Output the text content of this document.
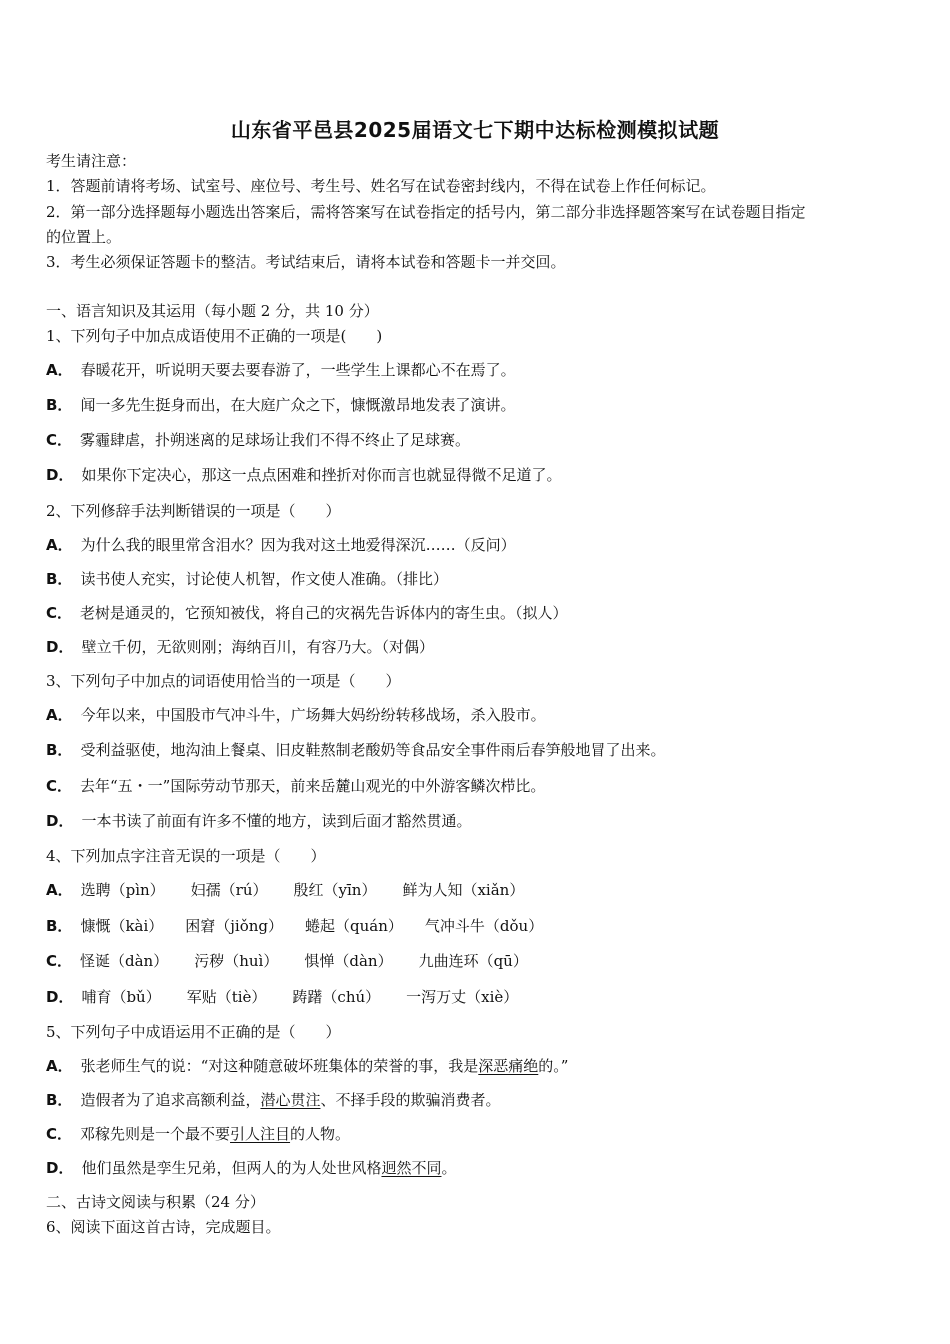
山东省平邑县2025届语文七下期中达标检测模拟试题
考生请注意：
1．答题前请将考场、试室号、座位号、考生号、姓名写在试卷密封线内，不得在试卷上作任何标记。
2．第一部分选择题每小题选出答案后，需将答案写在试卷指定的括号内，第二部分非选择题答案写在试卷题目指定
的位置上。
3．考生必须保证答题卡的整洁。考试结束后，请将本试卷和答题卡一并交回。
一、语言知识及其运用（每小题 2 分，共 10 分）
1、下列句子中加点成语使用不正确的一项是(　　)
A． 春暖花开，听说明天要去要春游了，一些学生上课都心不在焉了。
B． 闻一多先生挺身而出，在大庭广众之下，慷慨激昂地发表了演讲。
C． 雾霾肆虐，扑朔迷离的足球场让我们不得不终止了足球赛。
D． 如果你下定决心，那这一点点困难和挫折对你而言也就显得微不足道了。
2、下列修辞手法判断错误的一项是（　　）
A． 为什么我的眼里常含泪水？因为我对这土地爱得深沉……（反问）
B． 读书使人充实，讨论使人机智，作文使人准确。（排比）
C． 老树是通灵的，它预知被伐，将自己的灾祸先告诉体内的寄生虫。（拟人）
D． 壁立千仞，无欲则刚；海纳百川，有容乃大。（对偶）
3、下列句子中加点的词语使用恰当的一项是（　　）
A． 今年以来，中国股市气冲斗牛，广场舞大妈纷纷转移战场，杀入股市。
B． 受利益驱使，地沟油上餐桌、旧皮鞋熬制老酸奶等食品安全事件雨后春笋般地冒了出来。
C． 去年“五・一”国际劳动节那天，前来岳麓山观光的中外游客鳞次栉比。
D． 一本书读了前面有许多不懂的地方，读到后面才豁然贯通。
4、下列加点字注音无误的一项是（　　）
A． 选聘（pìn） 妇孺（rú） 殷红（yīn） 鲜为人知（xiǎn）
B． 慷慨（kài） 困窘（jiǒng） 蜷起（quán） 气冲斗牛（dǒu）
C． 怪诞（dàn） 污秽（huì） 惧惮（dàn） 九曲连环（qū）
D． 哺育（bǔ） 军贴（tiè） 踌躇（chú） 一泻万丈（xiè）
5、下列句子中成语运用不正确的是（　　）
A． 张老师生气的说：“对这种随意破坏班集体的荣誉的事，我是深恶痛绝的。”
B． 造假者为了追求高额利益，潜心贯注、不择手段的欺骗消费者。
C． 邓稼先则是一个最不要引人注目的人物。
D． 他们虽然是孪生兄弟，但两人的为人处世风格迥然不同。
二、古诗文阅读与积累（24 分）
6、阅读下面这首古诗，完成题目。
